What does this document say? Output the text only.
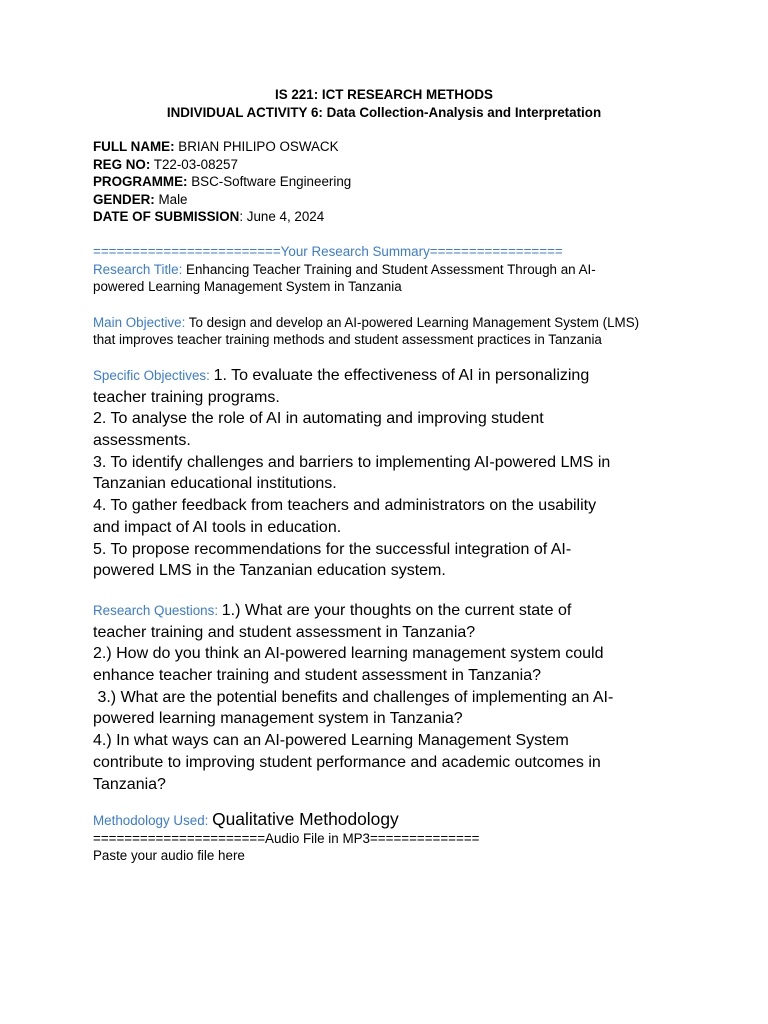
IS 221: ICT RESEARCH METHODS
INDIVIDUAL ACTIVITY 6: Data Collection-Analysis and Interpretation

FULL NAME: BRIAN PHILIPO OSWACK

REG NO: T22-03-08257

PROGRAMME: BSC-Software Engineering

GENDER: Male

DATE OF SUBMISSION: June 4, 2024

========================Your Research Summary=================

Research Title: Enhancing Teacher Training and Student Assessment Through an AI-
powered Learning Management System in Tanzania
Main Objective: To design and develop an AI-powered Learning Management System (LMS)
that improves teacher training methods and student assessment practices in Tanzania
Specific Objectives: 1. To evaluate the effectiveness of AI in personalizing
teacher training programs.
2. To analyse the role of AI in automating and improving student
assessments.
3. To identify challenges and barriers to implementing AI-powered LMS in
Tanzanian educational institutions.
4. To gather feedback from teachers and administrators on the usability
and impact of AI tools in education.
5. To propose recommendations for the successful integration of AI-
powered LMS in the Tanzanian education system.
Research Questions: 1.) What are your thoughts on the current state of
teacher training and student assessment in Tanzania?
2.) How do you think an AI-powered learning management system could
enhance teacher training and student assessment in Tanzania?
3.) What are the potential benefits and challenges of implementing an AI-
powered learning management system in Tanzania?
4.) In what ways can an AI-powered Learning Management System
contribute to improving student performance and academic outcomes in
Tanzania?
Methodology Used: Qualitative Methodology

======================Audio File in MP3==============

Paste your audio file here
